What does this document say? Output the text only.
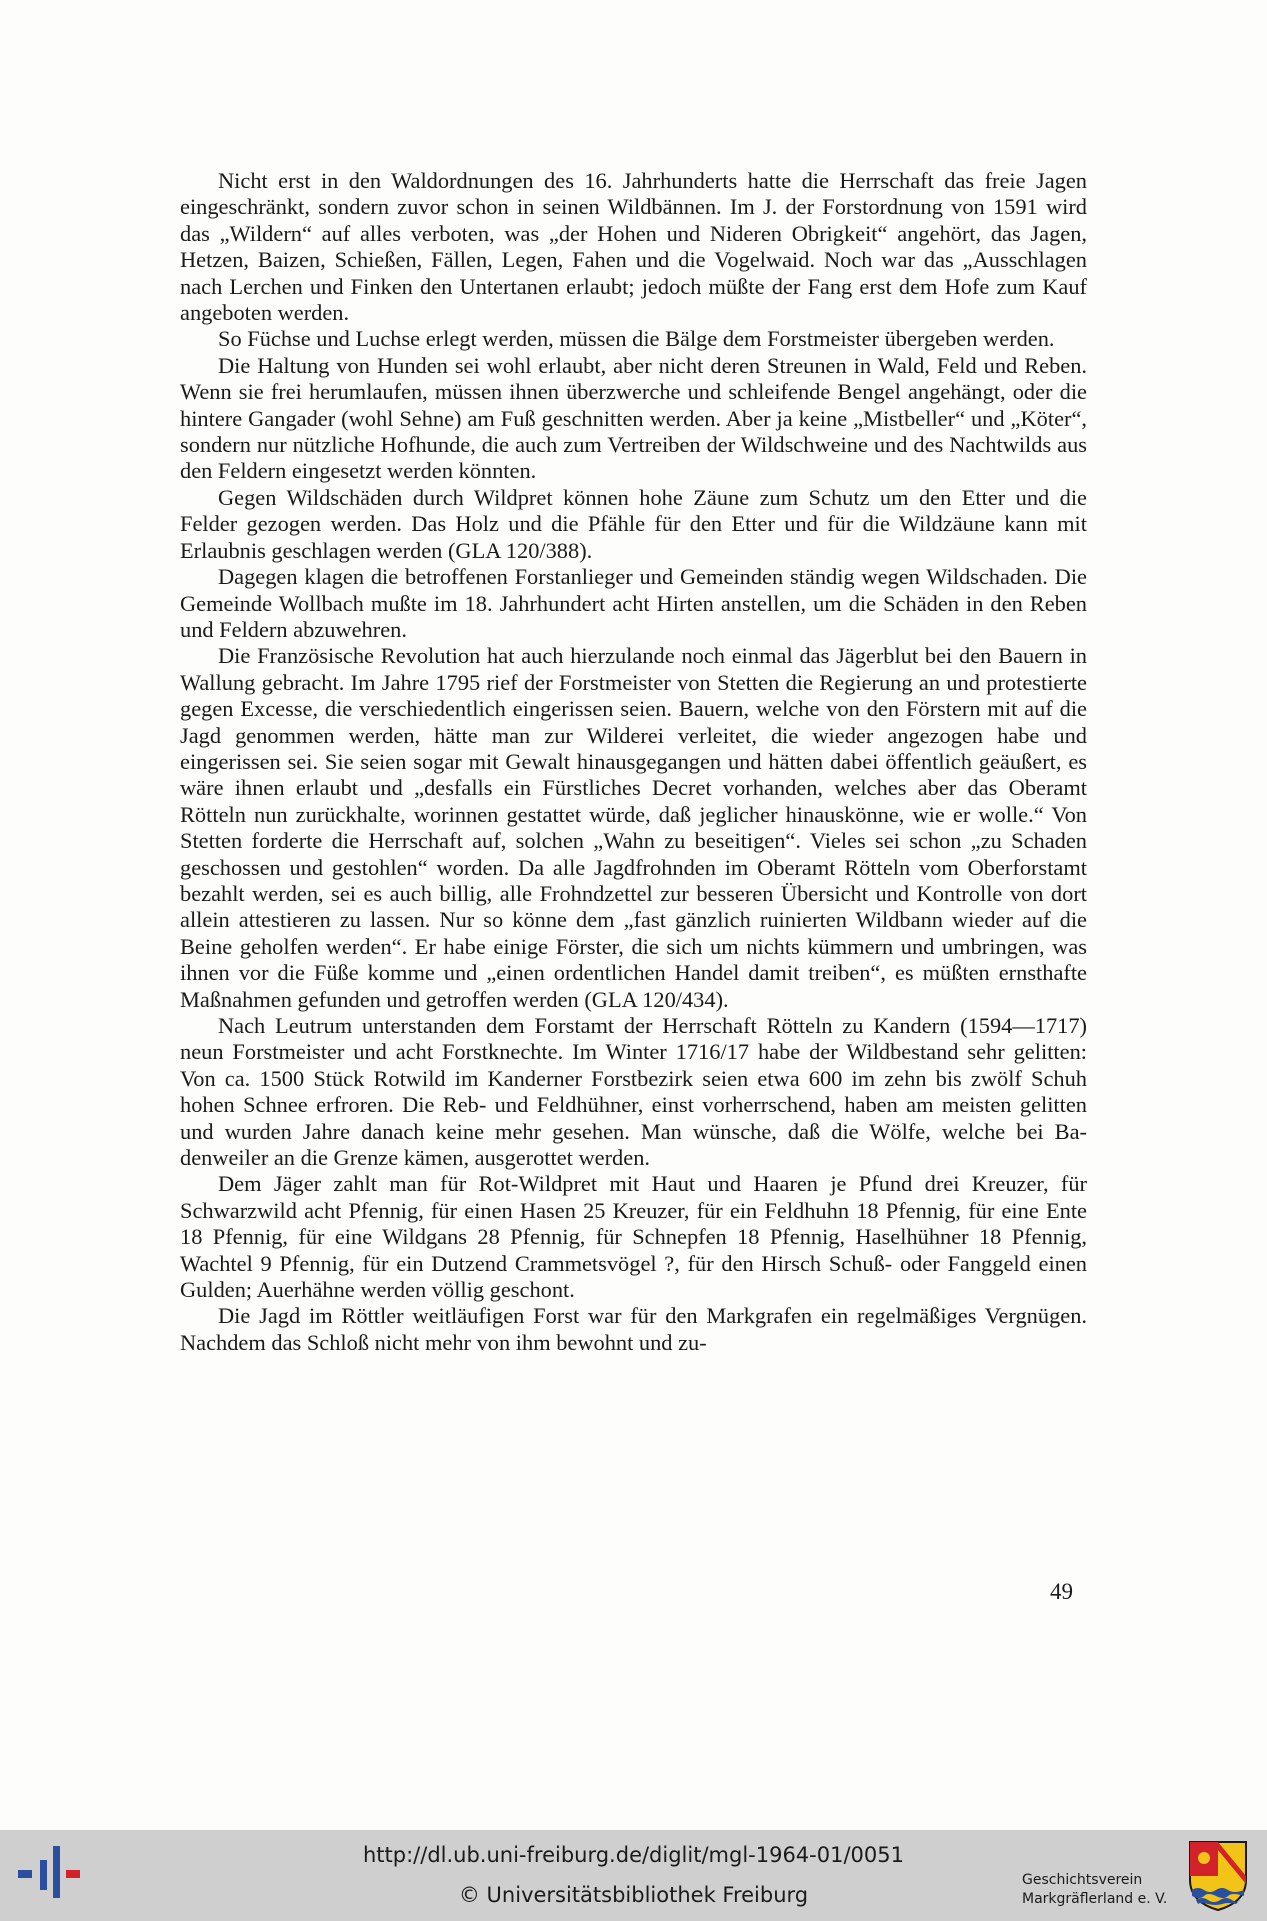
Nicht erst in den Waldordnungen des 16. Jahrhunderts hatte die Herrschaft das freie Jagen eingeschränkt, sondern zuvor schon in seinen Wildbännen. Im J. der Forstordnung von 1591 wird das „Wildern“ auf alles verboten, was „der Hohen und Nideren Obrigkeit“ angehört, das Jagen, Hetzen, Baizen, Schießen, Fällen, Legen, Fahen und die Vogelwaid. Noch war das „Ausschlagen nach Lerchen und Finken den Untertanen erlaubt; jedoch müßte der Fang erst dem Hofe zum Kauf angeboten werden.

So Füchse und Luchse erlegt werden, müssen die Bälge dem Forstmeister übergeben werden.

Die Haltung von Hunden sei wohl erlaubt, aber nicht deren Streunen in Wald, Feld und Reben. Wenn sie frei herumlaufen, müssen ihnen überzwerche und schleifende Bengel angehängt, oder die hintere Gangader (wohl Sehne) am Fuß geschnitten werden. Aber ja keine „Mistbeller“ und „Köter“, sondern nur nützliche Hofhunde, die auch zum Vertreiben der Wildschweine und des Nachtwilds aus den Feldern eingesetzt werden könnten.

Gegen Wildschäden durch Wildpret können hohe Zäune zum Schutz um den Etter und die Felder gezogen werden. Das Holz und die Pfähle für den Etter und für die Wildzäune kann mit Erlaubnis geschlagen werden (GLA 120/388).

Dagegen klagen die betroffenen Forstanlieger und Gemeinden ständig wegen Wildschaden. Die Gemeinde Wollbach mußte im 18. Jahrhundert acht Hirten anstellen, um die Schäden in den Reben und Feldern abzuwehren.

Die Französische Revolution hat auch hierzulande noch einmal das Jägerblut bei den Bauern in Wallung gebracht. Im Jahre 1795 rief der Forstmeister von Stetten die Regierung an und protestierte gegen Excesse, die verschiedentlich eingerissen seien. Bauern, welche von den Förstern mit auf die Jagd genommen werden, hätte man zur Wilderei verleitet, die wieder angezogen habe und eingerissen sei. Sie seien sogar mit Gewalt hinausgegangen und hätten dabei öffentlich geäußert, es wäre ihnen erlaubt und „desfalls ein Fürstliches Decret vorhanden, welches aber das Oberamt Rötteln nun zurückhalte, worinnen gestattet würde, daß jeglicher hinauskönne, wie er wolle.“ Von Stetten forderte die Herrschaft auf, solchen „Wahn zu beseitigen“. Vieles sei schon „zu Schaden geschossen und gestohlen“ worden. Da alle Jagdfrohnden im Oberamt Rötteln vom Oberforstamt bezahlt werden, sei es auch billig, alle Frohndzettel zur besseren Übersicht und Kontrolle von dort allein attestieren zu lassen. Nur so könne dem „fast gänzlich ruinierten Wildbann wieder auf die Beine geholfen werden“. Er habe einige Förster, die sich um nichts kümmern und umbringen, was ihnen vor die Füße komme und „einen ordentlichen Handel damit treiben“, es müßten ernsthafte Maßnahmen gefunden und getroffen werden (GLA 120/434).

Nach Leutrum unterstanden dem Forstamt der Herrschaft Rötteln zu Kandern (1594—1717) neun Forstmeister und acht Forstknechte. Im Winter 1716/17 habe der Wildbestand sehr gelitten: Von ca. 1500 Stück Rotwild im Kanderner Forstbezirk seien etwa 600 im zehn bis zwölf Schuh hohen Schnee erfroren. Die Reb- und Feldhühner, einst vorherrschend, haben am meisten gelitten und wurden Jahre danach keine mehr gesehen. Man wünsche, daß die Wölfe, welche bei Badenweiler an die Grenze kämen, ausgerottet werden.

Dem Jäger zahlt man für Rot-Wildpret mit Haut und Haaren je Pfund drei Kreuzer, für Schwarzwild acht Pfennig, für einen Hasen 25 Kreuzer, für ein Feldhuhn 18 Pfennig, für eine Ente 18 Pfennig, für eine Wildgans 28 Pfennig, für Schnepfen 18 Pfennig, Haselhühner 18 Pfennig, Wachtel 9 Pfennig, für ein Dutzend Crammetsvögel ?, für den Hirsch Schuß- oder Fanggeld einen Gulden; Auerhähne werden völlig geschont.

Die Jagd im Röttler weitläufigen Forst war für den Markgrafen ein regelmäßiges Vergnügen. Nachdem das Schloß nicht mehr von ihm bewohnt und zu-

49
http://dl.ub.uni-freiburg.de/diglit/mgl-1964-01/0051
© Universitätsbibliothek Freiburg
Geschichtsverein
Markgräflerland e. V.
